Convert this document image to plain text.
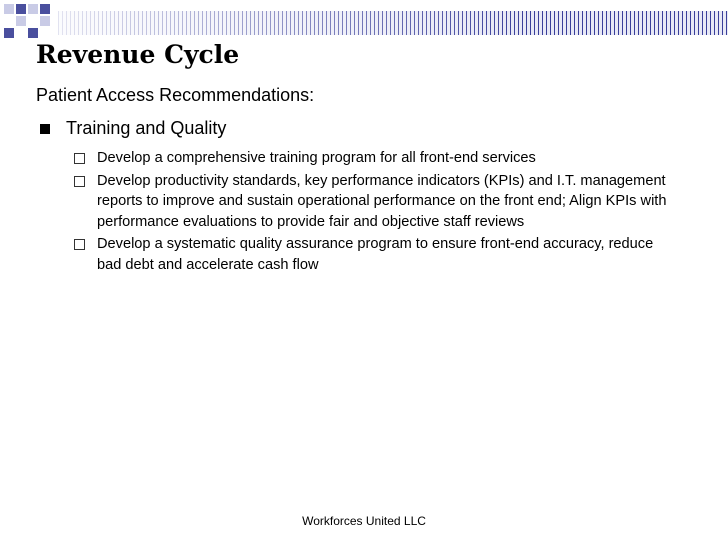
Revenue Cycle
Patient Access Recommendations:
Training and Quality
Develop a comprehensive training program for all front-end services
Develop productivity standards, key performance indicators (KPIs) and I.T. management reports to improve and sustain operational performance on the front end; Align KPIs with performance evaluations to provide fair and objective staff reviews
Develop a systematic quality assurance program to ensure front-end accuracy, reduce bad debt and accelerate cash flow
Workforces United LLC
